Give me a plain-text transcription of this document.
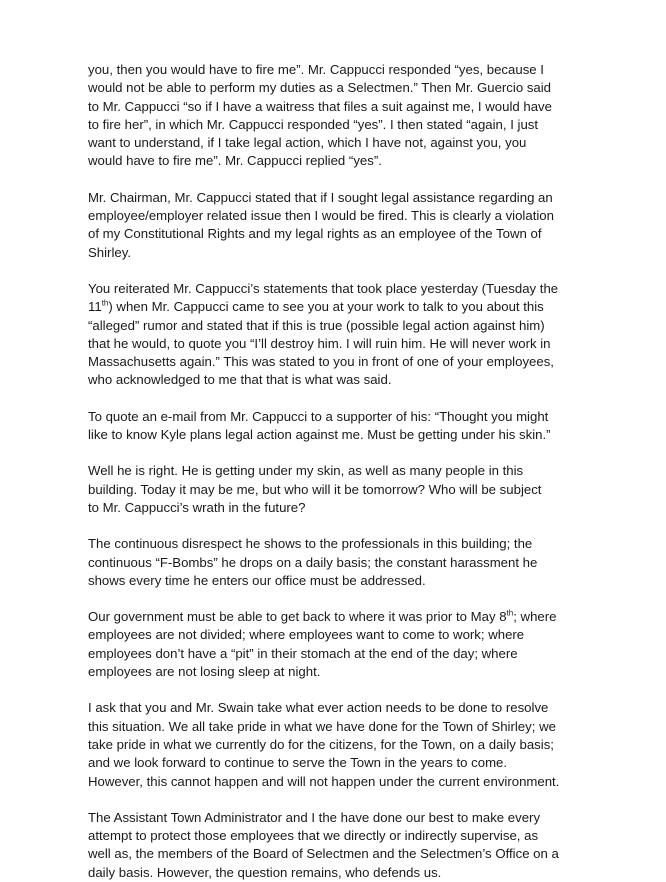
you, then you would have to fire me”. Mr. Cappucci responded “yes, because I
would not be able to perform my duties as a Selectmen.” Then Mr. Guercio said
to Mr. Cappucci “so if I have a waitress that files a suit against me, I would have
to fire her”, in which Mr. Cappucci responded “yes”. I then stated “again, I just
want to understand, if I take legal action, which I have not, against you, you
would have to fire me”. Mr. Cappucci replied “yes”.

Mr. Chairman, Mr. Cappucci stated that if I sought legal assistance regarding an
employee/employer related issue then I would be fired. This is clearly a violation
of my Constitutional Rights and my legal rights as an employee of the Town of
Shirley.

You reiterated Mr. Cappucci’s statements that took place yesterday (Tuesday the
11th) when Mr. Cappucci came to see you at your work to talk to you about this
“alleged” rumor and stated that if this is true (possible legal action against him)
that he would, to quote you “I’ll destroy him. I will ruin him. He will never work in
Massachusetts again.” This was stated to you in front of one of your employees,
who acknowledged to me that that is what was said.

To quote an e-mail from Mr. Cappucci to a supporter of his: “Thought you might
like to know Kyle plans legal action against me. Must be getting under his skin.”

Well he is right. He is getting under my skin, as well as many people in this
building. Today it may be me, but who will it be tomorrow? Who will be subject
to Mr. Cappucci’s wrath in the future?

The continuous disrespect he shows to the professionals in this building; the
continuous “F-Bombs” he drops on a daily basis; the constant harassment he
shows every time he enters our office must be addressed.

Our government must be able to get back to where it was prior to May 8th; where
employees are not divided; where employees want to come to work; where
employees don’t have a “pit” in their stomach at the end of the day; where
employees are not losing sleep at night.

I ask that you and Mr. Swain take what ever action needs to be done to resolve
this situation. We all take pride in what we have done for the Town of Shirley; we
take pride in what we currently do for the citizens, for the Town, on a daily basis;
and we look forward to continue to serve the Town in the years to come.
However, this cannot happen and will not happen under the current environment.

The Assistant Town Administrator and I the have done our best to make every
attempt to protect those employees that we directly or indirectly supervise, as
well as, the members of the Board of Selectmen and the Selectmen’s Office on a
daily basis. However, the question remains, who defends us.
